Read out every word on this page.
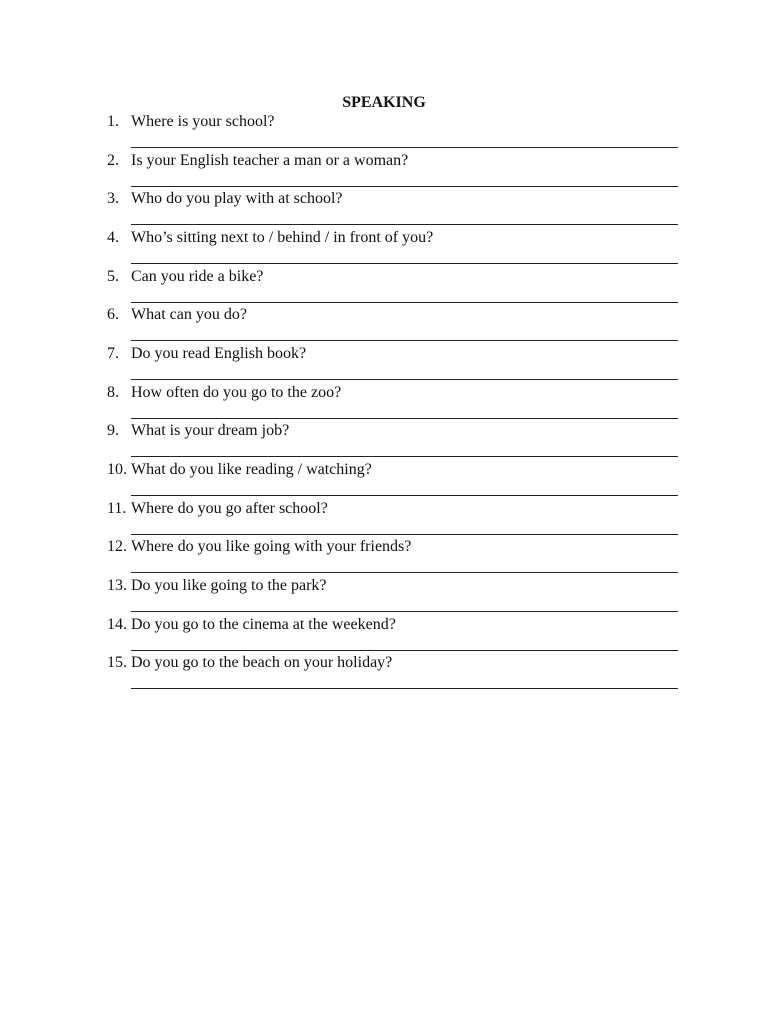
SPEAKING
1. Where is your school?
2. Is your English teacher a man or a woman?
3. Who do you play with at school?
4. Who’s sitting next to / behind / in front of you?
5. Can you ride a bike?
6. What can you do?
7. Do you read English book?
8. How often do you go to the zoo?
9. What is your dream job?
10. What do you like reading / watching?
11. Where do you go after school?
12. Where do you like going with your friends?
13. Do you like going to the park?
14. Do you go to the cinema at the weekend?
15. Do you go to the beach on your holiday?
